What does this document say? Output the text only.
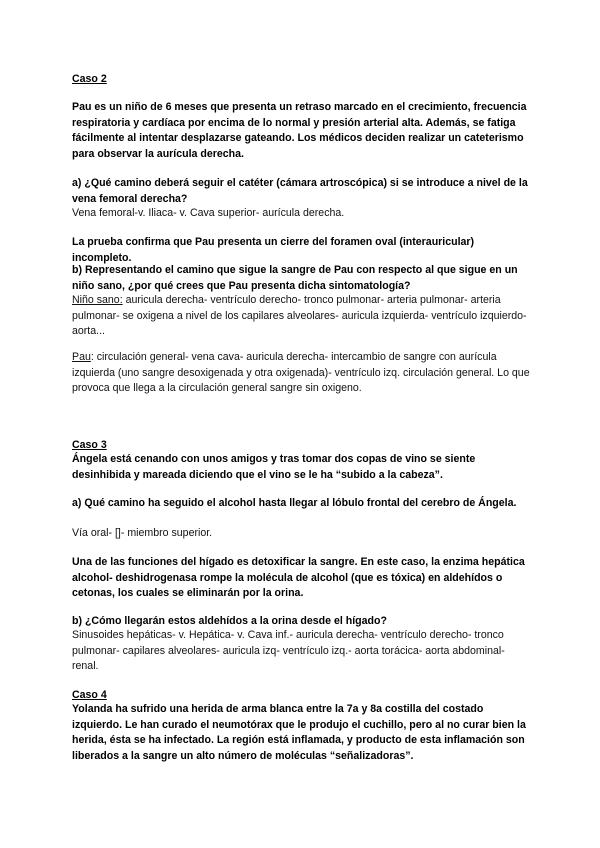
Caso 2

Pau es un niño de 6 meses que presenta un retraso marcado en el crecimiento, frecuencia respiratoria y cardíaca por encima de lo normal y presión arterial alta. Además, se fatiga fácilmente al intentar desplazarse gateando. Los médicos deciden realizar un cateterismo para observar la aurícula derecha.

a) ¿Qué camino deberá seguir el catéter (cámara artroscópica) si se introduce a nivel de la vena femoral derecha?

Vena femoral-v. Iliaca- v. Cava superior- aurícula derecha.

La prueba confirma que Pau presenta un cierre del foramen oval (interauricular) incompleto.

b) Representando el camino que sigue la sangre de Pau con respecto al que sigue en un niño sano, ¿por qué crees que Pau presenta dicha sintomatología?

Niño sano: auricula derecha- ventrículo derecho- tronco pulmonar- arteria pulmonar- arteria pulmonar- se oxigena a nivel de los capilares alveolares- auricula izquierda- ventrículo izquierdo- aorta...

Pau: circulación general- vena cava- auricula derecha- intercambio de sangre con aurícula izquierda (uno sangre desoxigenada y otra oxigenada)- ventrículo izq. circulación general. Lo que provoca que llega a la circulación general sangre sin oxigeno.

Caso 3

Ángela está cenando con unos amigos y tras tomar dos copas de vino se siente desinhibida y mareada diciendo que el vino se le ha “subido a la cabeza”.

a) Qué camino ha seguido el alcohol hasta llegar al lóbulo frontal del cerebro de Ángela.

Vía oral- []- miembro superior.

Una de las funciones del hígado es detoxificar la sangre. En este caso, la enzima hepática alcohol- deshidrogenasa rompe la molécula de alcohol (que es tóxica) en aldehídos o cetonas, los cuales se eliminarán por la orina.

b) ¿Cómo llegarán estos aldehídos a la orina desde el hígado?

Sinusoides hepáticas- v. Hepática- v. Cava inf.- auricula derecha- ventrículo derecho- tronco pulmonar- capilares alveolares- auricula izq- ventrículo izq.- aorta torácica- aorta abdominal- renal.

Caso 4

Yolanda ha sufrido una herida de arma blanca entre la 7a y 8a costilla del costado izquierdo. Le han curado el neumotórax que le produjo el cuchillo, pero al no curar bien la herida, ésta se ha infectado. La región está inflamada, y producto de esta inflamación son liberados a la sangre un alto número de moléculas “señalizadoras”.
